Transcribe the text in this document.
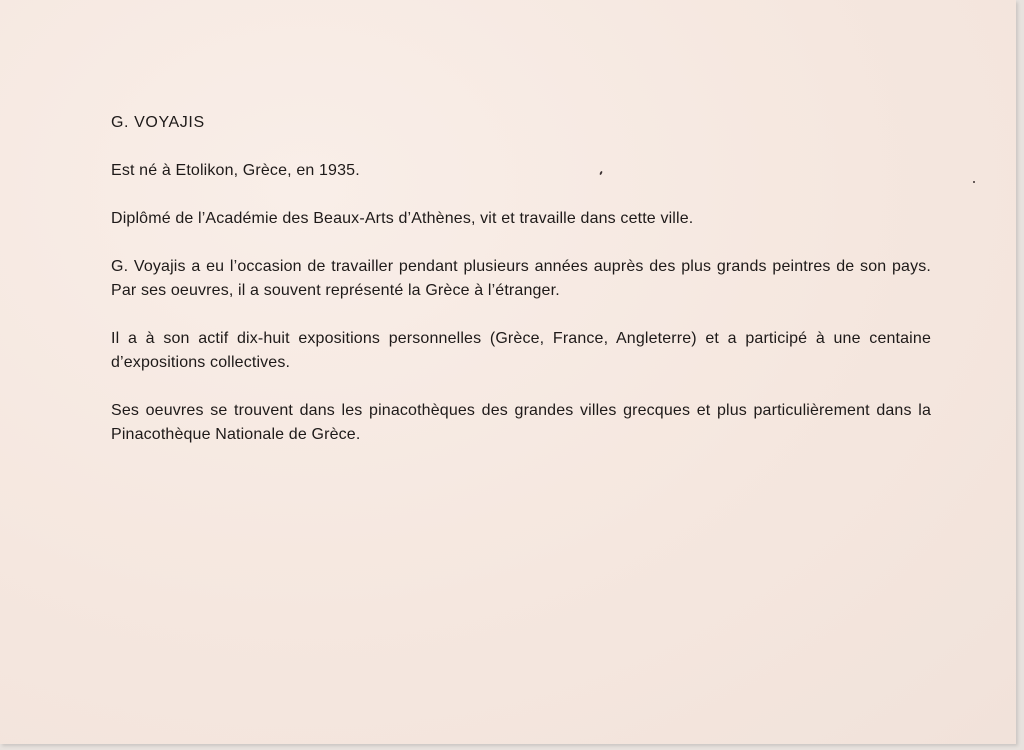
G. VOYAJIS

Est né à Etolikon, Grèce, en 1935.

Diplômé de l’Académie des Beaux-Arts d’Athènes, vit et travaille dans cette ville.

G. Voyajis a eu l’occasion de travailler pendant plusieurs années auprès des plus grands peintres de son pays. Par ses oeuvres, il a souvent représenté la Grèce à l’étranger.

Il a à son actif dix-huit expositions personnelles (Grèce, France, Angleterre) et a participé à une centaine d’expositions collectives.

Ses oeuvres se trouvent dans les pinacothèques des grandes villes grecques et plus particulièrement dans la Pinacothèque Nationale de Grèce.
